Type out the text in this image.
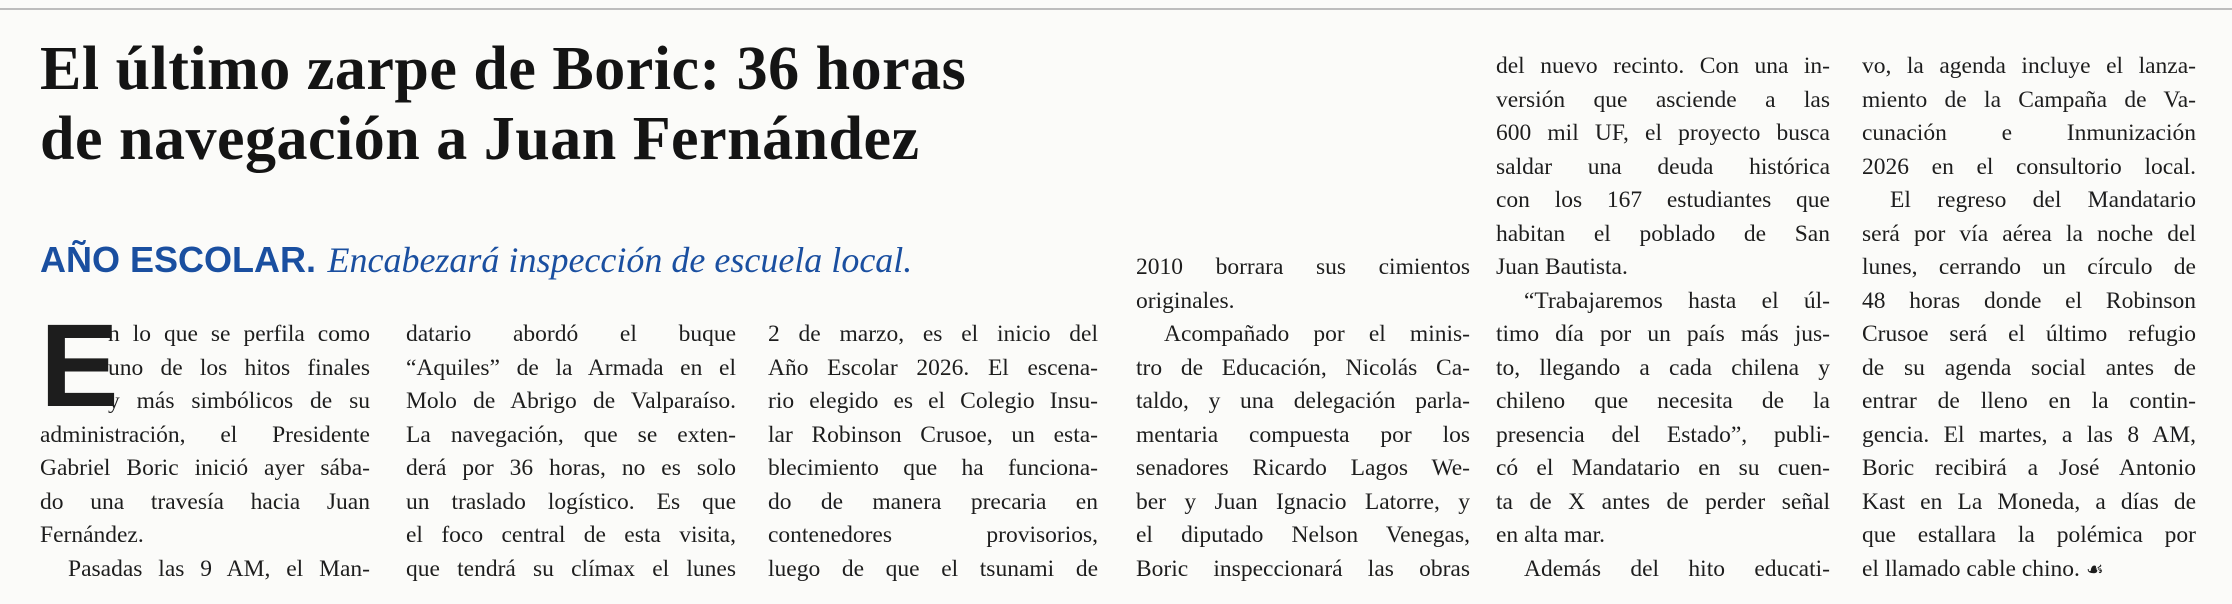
El último zarpe de Boric: 36 horas
de navegación a Juan Fernández
AÑO ESCOLAR. Encabezará inspección de escuela local.
E
n lo que se perfila como
uno de los hitos finales
y más simbólicos de su
administración, el Presidente
Gabriel Boric inició ayer sába-
do una travesía hacia Juan
Fernández.
Pasadas las 9 AM, el Man-
datario abordó el buque
“Aquiles” de la Armada en el
Molo de Abrigo de Valparaíso.
La navegación, que se exten-
derá por 36 horas, no es solo
un traslado logístico. Es que
el foco central de esta visita,
que tendrá su clímax el lunes
2 de marzo, es el inicio del
Año Escolar 2026. El escena-
rio elegido es el Colegio Insu-
lar Robinson Crusoe, un esta-
blecimiento que ha funciona-
do de manera precaria en
contenedores provisorios,
luego de que el tsunami de
2010 borrara sus cimientos
originales.
Acompañado por el minis-
tro de Educación, Nicolás Ca-
taldo, y una delegación parla-
mentaria compuesta por los
senadores Ricardo Lagos We-
ber y Juan Ignacio Latorre, y
el diputado Nelson Venegas,
Boric inspeccionará las obras
del nuevo recinto. Con una in-
versión que asciende a las
600 mil UF, el proyecto busca
saldar una deuda histórica
con los 167 estudiantes que
habitan el poblado de San
Juan Bautista.
“Trabajaremos hasta el úl-
timo día por un país más jus-
to, llegando a cada chilena y
chileno que necesita de la
presencia del Estado”, publi-
có el Mandatario en su cuen-
ta de X antes de perder señal
en alta mar.
Además del hito educati-
vo, la agenda incluye el lanza-
miento de la Campaña de Va-
cunación e Inmunización
2026 en el consultorio local.
El regreso del Mandatario
será por vía aérea la noche del
lunes, cerrando un círculo de
48 horas donde el Robinson
Crusoe será el último refugio
de su agenda social antes de
entrar de lleno en la contin-
gencia. El martes, a las 8 AM,
Boric recibirá a José Antonio
Kast en La Moneda, a días de
que estallara la polémica por
el llamado cable chino. ☙
